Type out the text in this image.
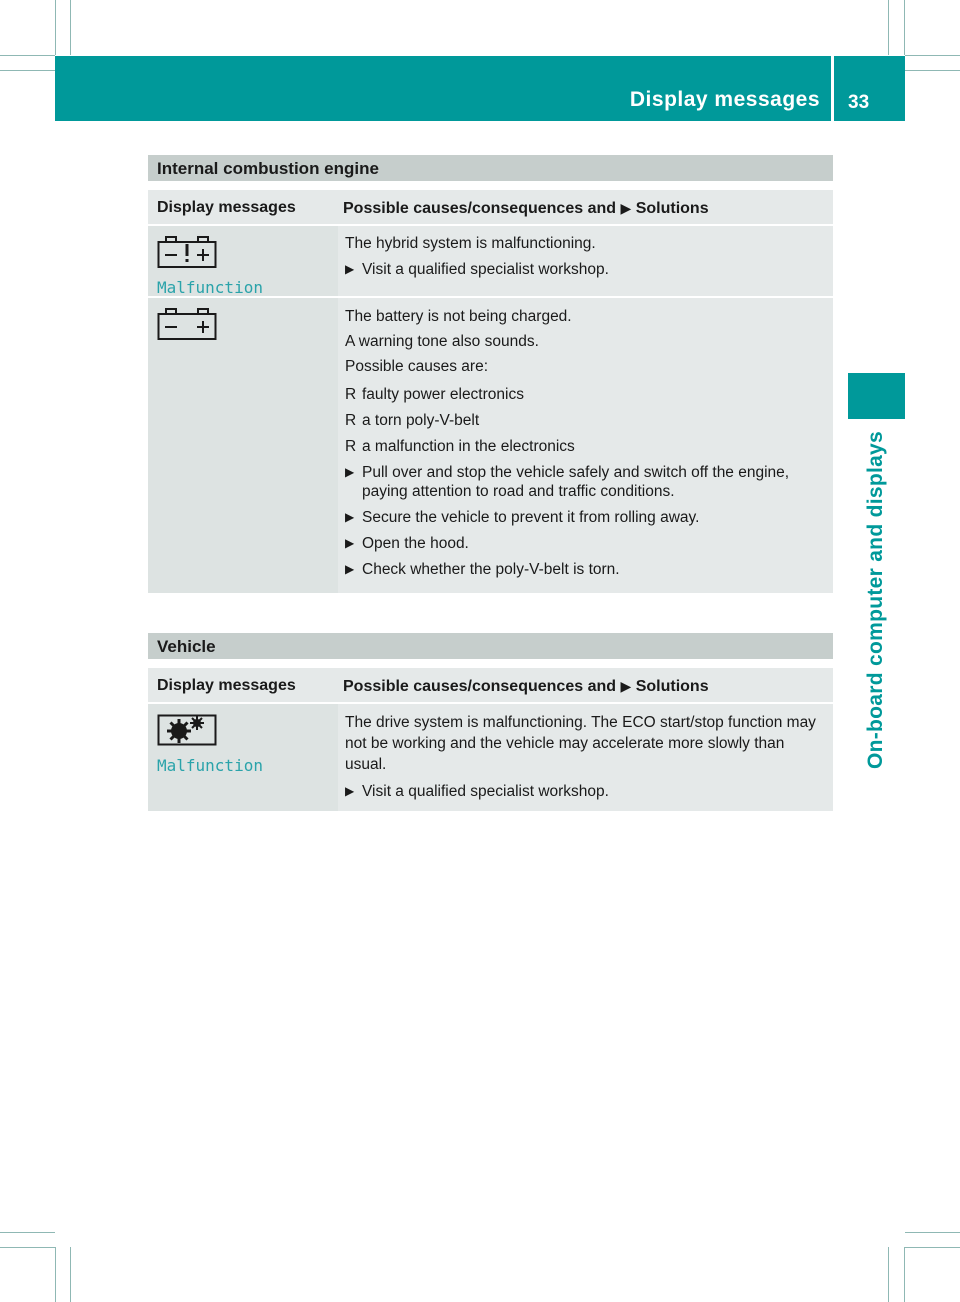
Display messages 33
On-board computer and displays
Internal combustion engine
Display messages	Possible causes/consequences and ▶ Solutions
Malfunction
The hybrid system is malfunctioning.
▶ Visit a qualified specialist workshop.
The battery is not being charged.
A warning tone also sounds.
Possible causes are:
R faulty power electronics
R a torn poly-V-belt
R a malfunction in the electronics
▶ Pull over and stop the vehicle safely and switch off the engine, paying attention to road and traffic conditions.
▶ Secure the vehicle to prevent it from rolling away.
▶ Open the hood.
▶ Check whether the poly-V-belt is torn.
Vehicle
Display messages	Possible causes/consequences and ▶ Solutions
Malfunction
The drive system is malfunctioning. The ECO start/stop function may not be working and the vehicle may accelerate more slowly than usual.
▶ Visit a qualified specialist workshop.
